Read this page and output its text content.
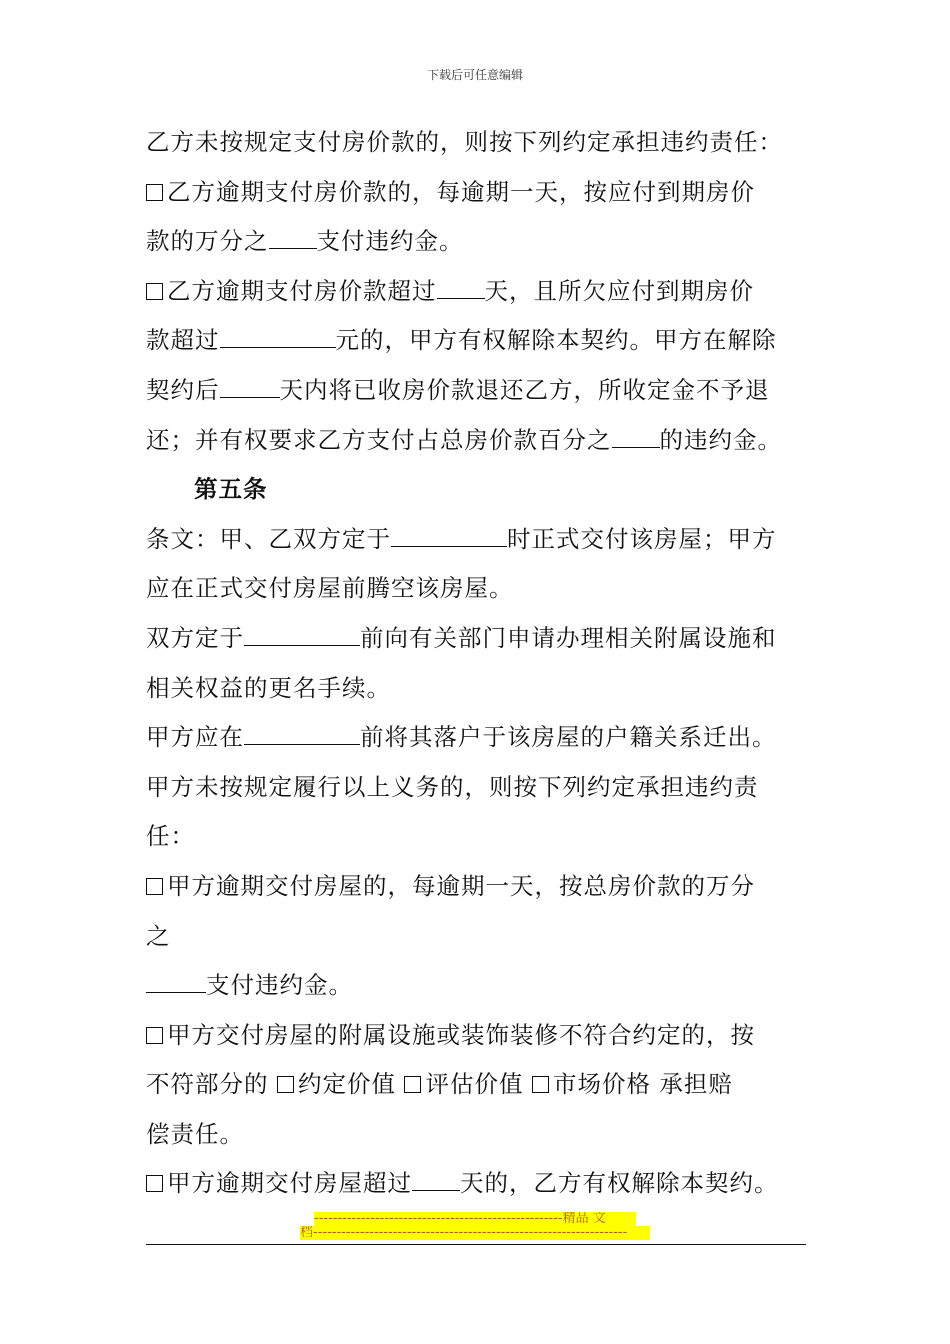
下载后可任意编辑
乙方未按规定支付房价款的，则按下列约定承担违约责任：
乙方逾期支付房价款的，每逾期一天，按应付到期房价
款的万分之 支付违约金。
乙方逾期支付房价款超过 天，且所欠应付到期房价
款超过	元的，甲方有权解除本契约。甲方在解除
契约后	天内将已收房价款退还乙方，所收定金不予退
还；并有权要求乙方支付占总房价款百分之 的违约金。
第五条
条文：甲、乙双方定于	时正式交付该房屋；甲方
应在正式交付房屋前腾空该房屋。
双方定于	前向有关部门申请办理相关附属设施和
相关权益的更名手续。
甲方应在	前将其落户于该房屋的户籍关系迁出。
甲方未按规定履行以上义务的，则按下列约定承担违约责
任：
甲方逾期交付房屋的，每逾期一天，按总房价款的万分
之
支付违约金。
甲方交付房屋的附属设施或装饰装修不符合约定的，按
不符部分的 约定价值 评估价值 市场价格 承担赔
偿责任。
甲方逾期交付房屋超过 天的，乙方有权解除本契约。
-----------------------------------------------------精品 文
档-------------------------------------------------------------------
